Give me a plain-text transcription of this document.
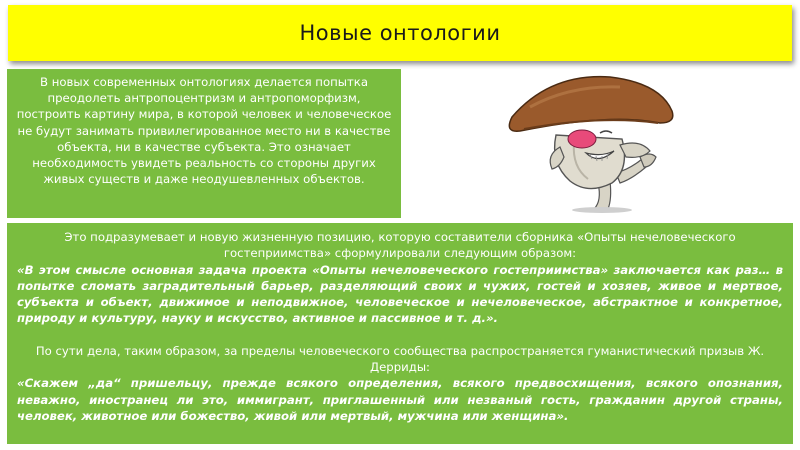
Новые онтологии
В новых современных онтологиях делается попытка преодолеть антропоцентризм и антропоморфизм, построить картину мира, в которой человек и человеческое не будут занимать привилегированное место ни в качестве объекта, ни в качестве субъекта. Это означает необходимость увидеть реальность со стороны других живых существ и даже неодушевленных объектов.

Это подразумевает и новую жизненную позицию, которую составители сборника «Опыты нечеловеческого гостеприимства» сформулировали следующим образом:

«В этом смысле основная задача проекта «Опыты нечеловеческого гостеприимства» заключается как раз… в попытке сломать заградительный барьер, разделяющий своих и чужих, гостей и хозяев, живое и мертвое, субъекта и объект, движимое и неподвижное, человеческое и нечеловеческое, абстрактное и конкретное, природу и культуру, науку и искусство, активное и пассивное и т. д.».

По сути дела, таким образом, за пределы человеческого сообщества распространяется гуманистический призыв Ж. Дерриды:

«Скажем „да“ пришельцу, прежде всякого определения, всякого предвосхищения, всякого опознания, неважно, иностранец ли это, иммигрант, приглашенный или незваный гость, гражданин другой страны, человек, животное или божество, живой или мертвый, мужчина или женщина».
